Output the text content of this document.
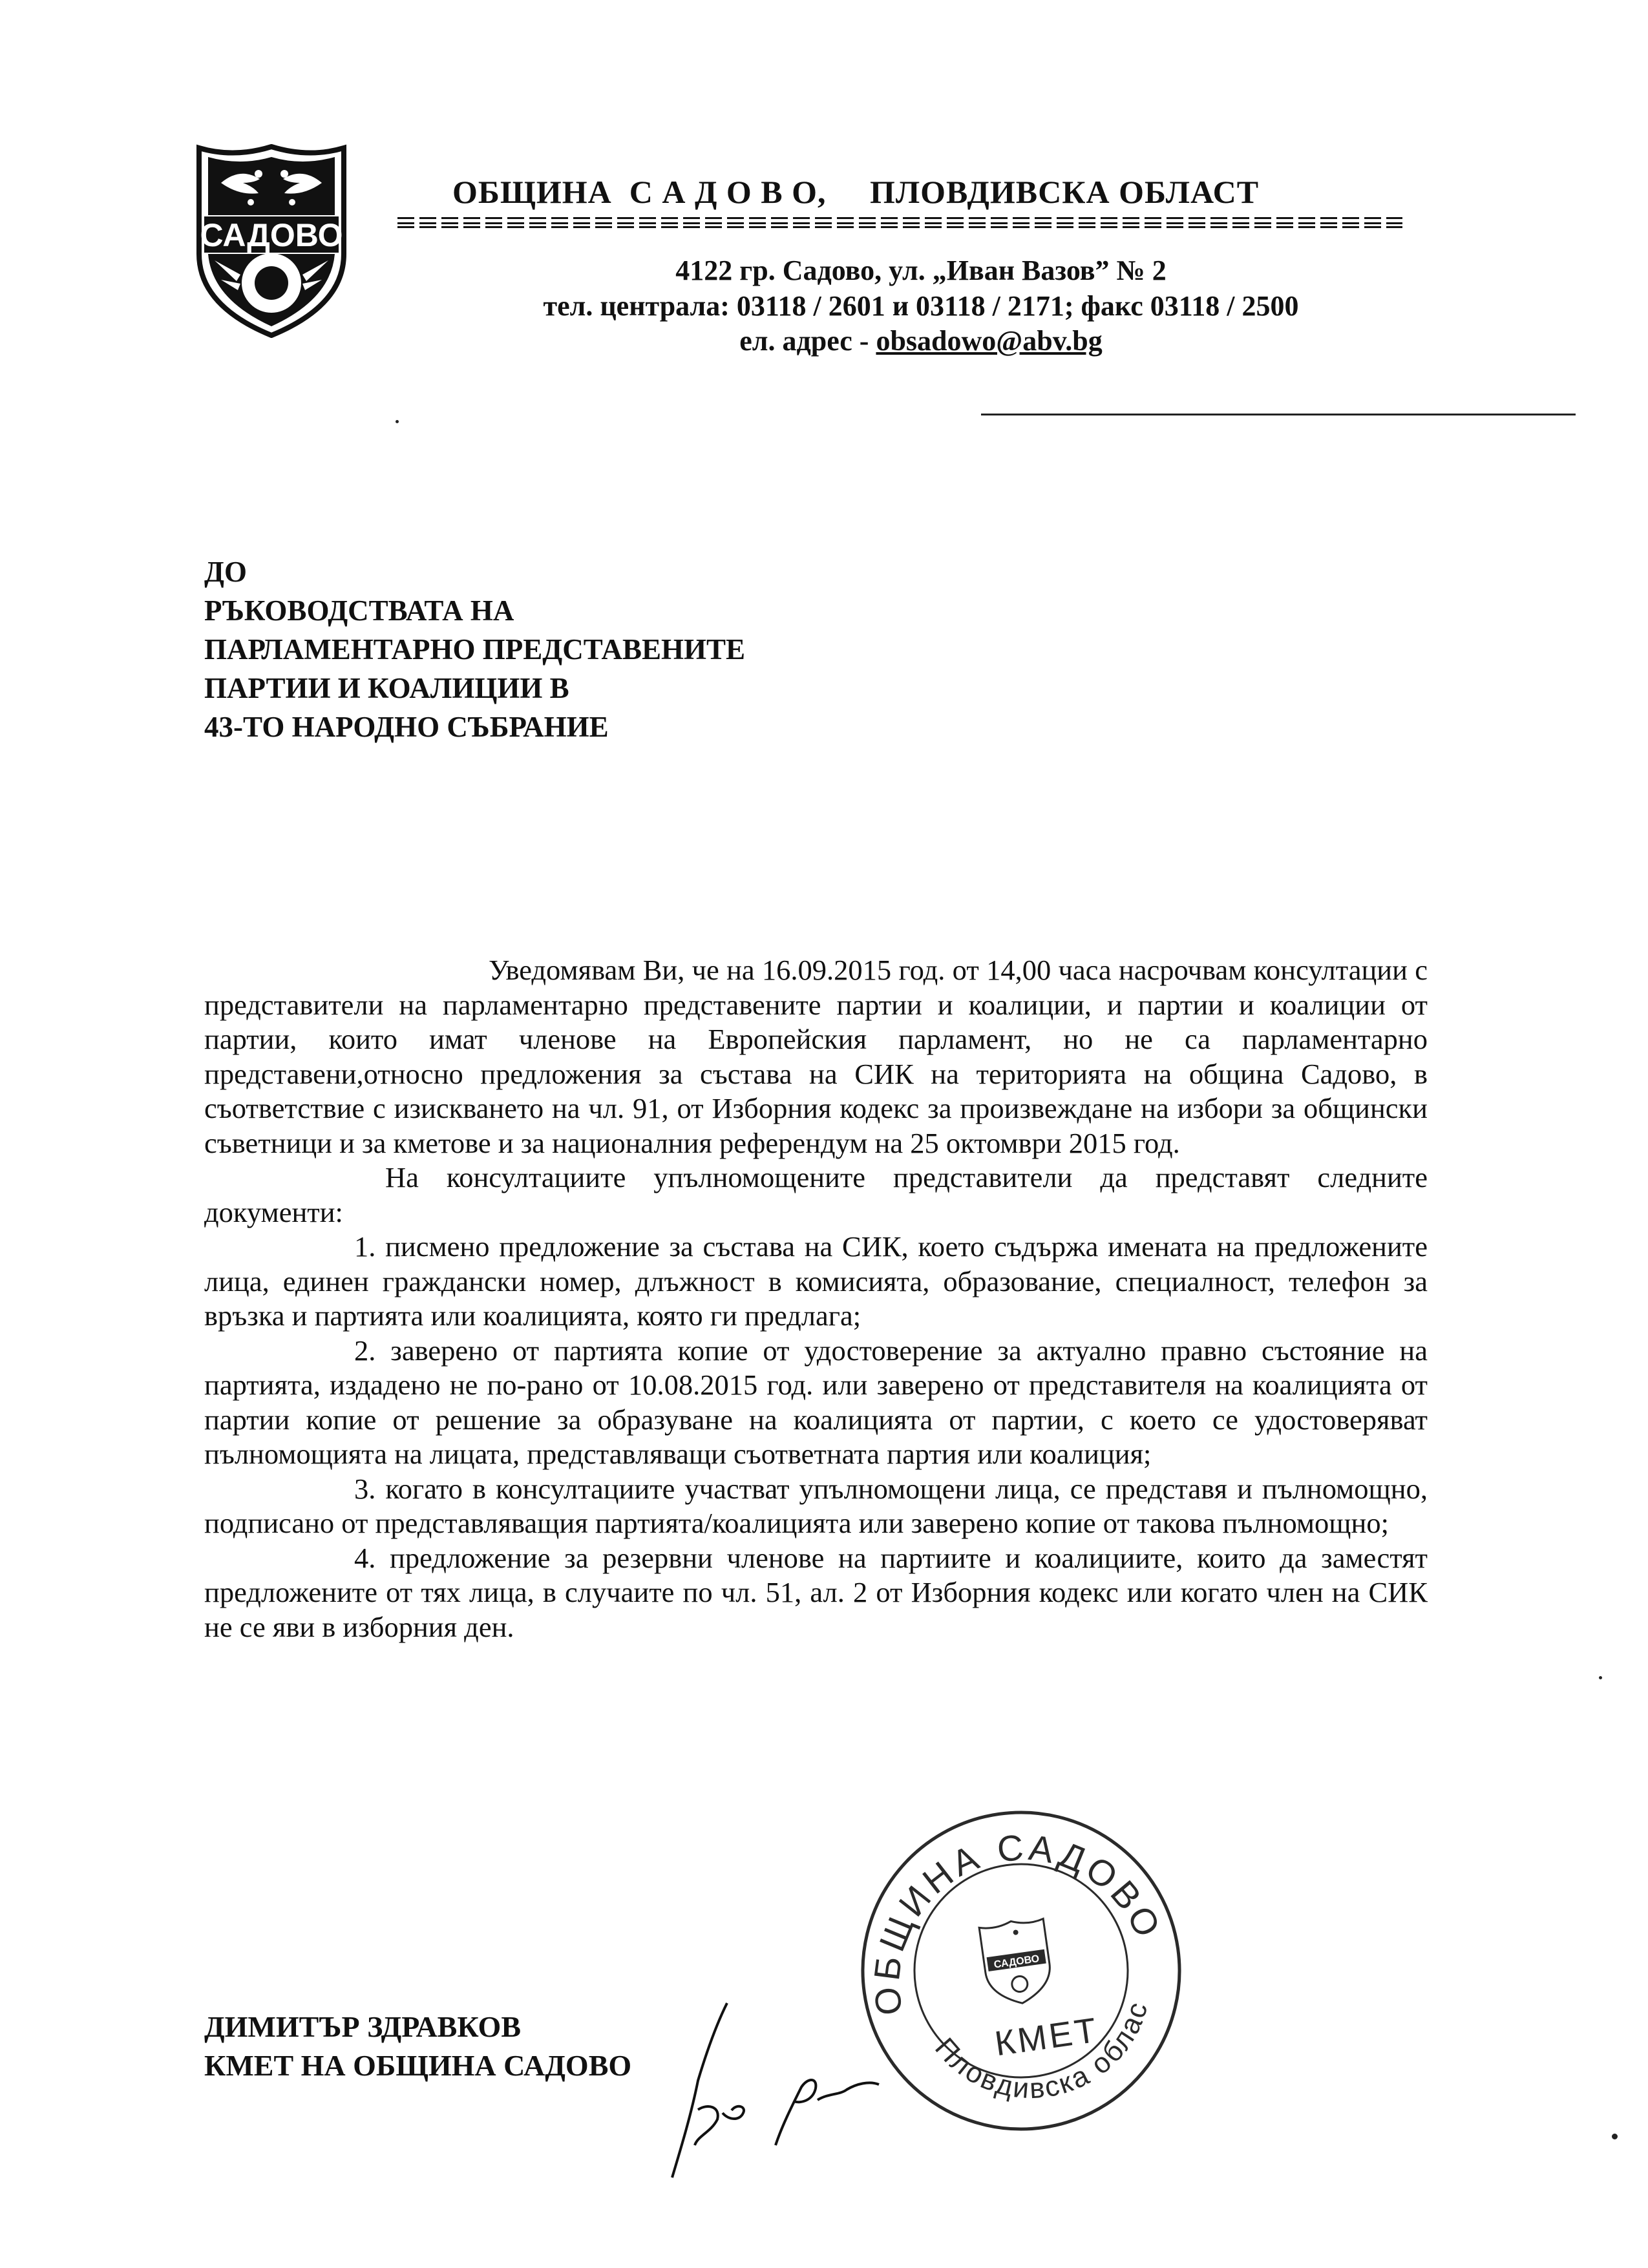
САДОВО
ОБЩИНА  С А Д О В О,     ПЛОВДИВСКА ОБЛАСТ
4122 гр. Садово, ул. „Иван Вазов” № 2
тел. централа: 03118 / 2601 и 03118 / 2171; факс 03118 / 2500
ел. адрес - obsadowo@abv.bg
ДО
РЪКОВОДСТВАТА НА
ПАРЛАМЕНТАРНО ПРЕДСТАВЕНИТЕ
ПАРТИИ И КОАЛИЦИИ В
43-ТО НАРОДНО СЪБРАНИЕ

Уведомявам Ви, че на 16.09.2015 год. от 14,00 часа насрочвам консултации с представители на парламентарно представените партии и коалиции, и партии и коалиции от партии, които имат членове на Европейския парламент, но не са парламентарно представени,относно предложения за състава на СИК на територията на община Садово, в съответствие с изискването на чл. 91, от Изборния кодекс за произвеждане на избори за общински съветници и за кметове и за националния референдум на 25 октомври 2015 год.

На консултациите упълномощените представители да представят следните документи:

1. писмено предложение за състава на СИК, което съдържа имената на предложените лица, единен граждански номер, длъжност в комисията, образование, специалност, телефон за връзка и партията или коалицията, която ги предлага;

2. заверено от партията копие от удостоверение за актуално правно състояние на партията, издадено не по-рано от 10.08.2015 год. или заверено от представителя на коалицията от партии копие от решение за образуване на коалицията от партии, с което се удостоверяват пълномощията на лицата, представляващи съответната партия или коалиция;

3. когато в консултациите участват упълномощени лица, се представя и пълномощно, подписано от представляващия партията/коалицията или заверено копие от такова пълномощно;

4. предложение за резервни членове на партиите и коалициите, които да заместят предложените от тях лица, в случаите по чл. 51, ал. 2 от Изборния кодекс или когато член на СИК не се яви в изборния ден.

ОБЩИНА САДОВО
Пловдивска област
САДОВО
КМЕТ
ДИМИТЪР ЗДРАВКОВ
КМЕТ НА ОБЩИНА САДОВО
